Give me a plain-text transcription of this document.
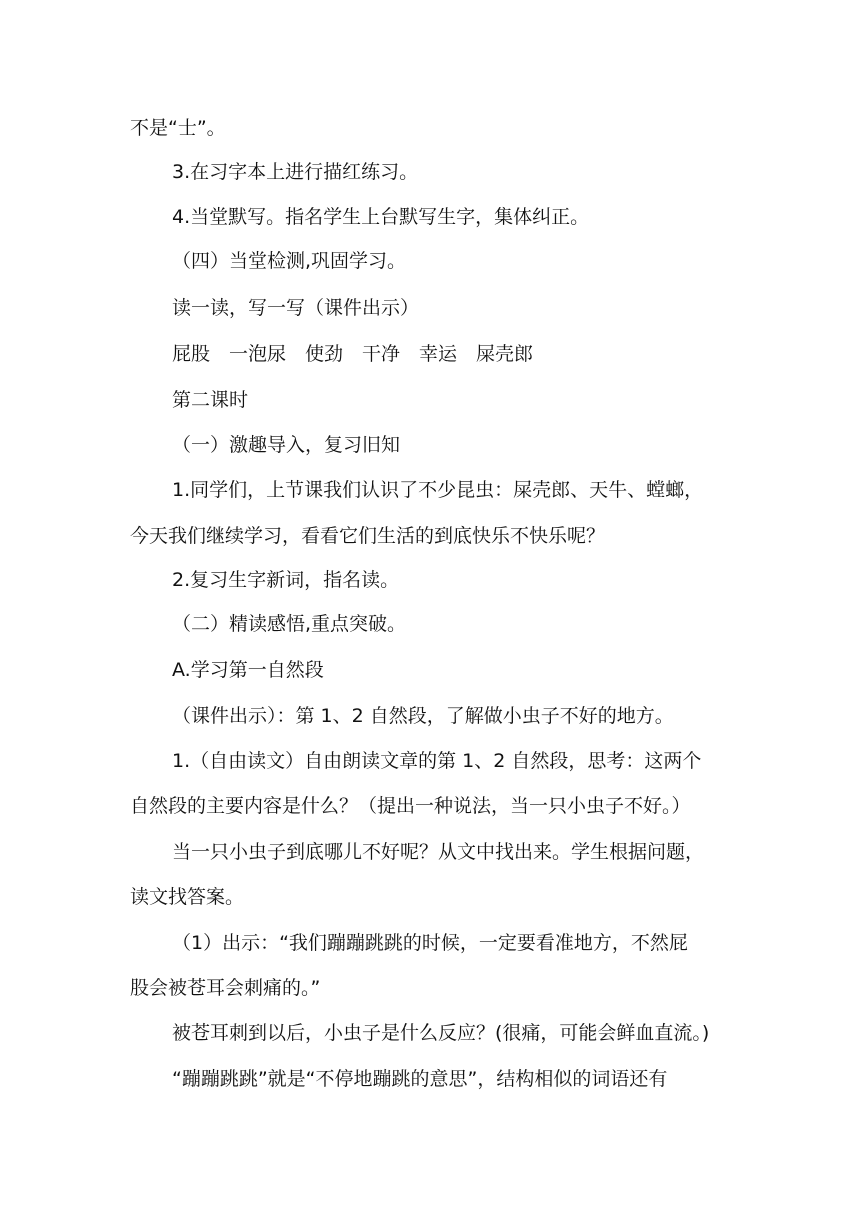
不是“士”。
3.在习字本上进行描红练习。
4.当堂默写。指名学生上台默写生字，集体纠正。
（四）当堂检测,巩固学习。
读一读，写一写（课件出示）
屁股　一泡尿　使劲　干净　幸运　屎壳郎
第二课时
（一）激趣导入，复习旧知
1.同学们，上节课我们认识了不少昆虫：屎壳郎、天牛、螳螂，
今天我们继续学习，看看它们生活的到底快乐不快乐呢？
2.复习生字新词，指名读。
（二）精读感悟,重点突破。
A.学习第一自然段
（课件出示）：第 1、2 自然段，了解做小虫子不好的地方。
1.（自由读文）自由朗读文章的第 1、2 自然段，思考：这两个
自然段的主要内容是什么？（提出一种说法，当一只小虫子不好。）
当一只小虫子到底哪儿不好呢？从文中找出来。学生根据问题，
读文找答案。
（1）出示：“我们蹦蹦跳跳的时候，一定要看准地方，不然屁
股会被苍耳会刺痛的。”
被苍耳刺到以后，小虫子是什么反应？(很痛，可能会鲜血直流。)
“蹦蹦跳跳”就是“不停地蹦跳的意思”，结构相似的词语还有
